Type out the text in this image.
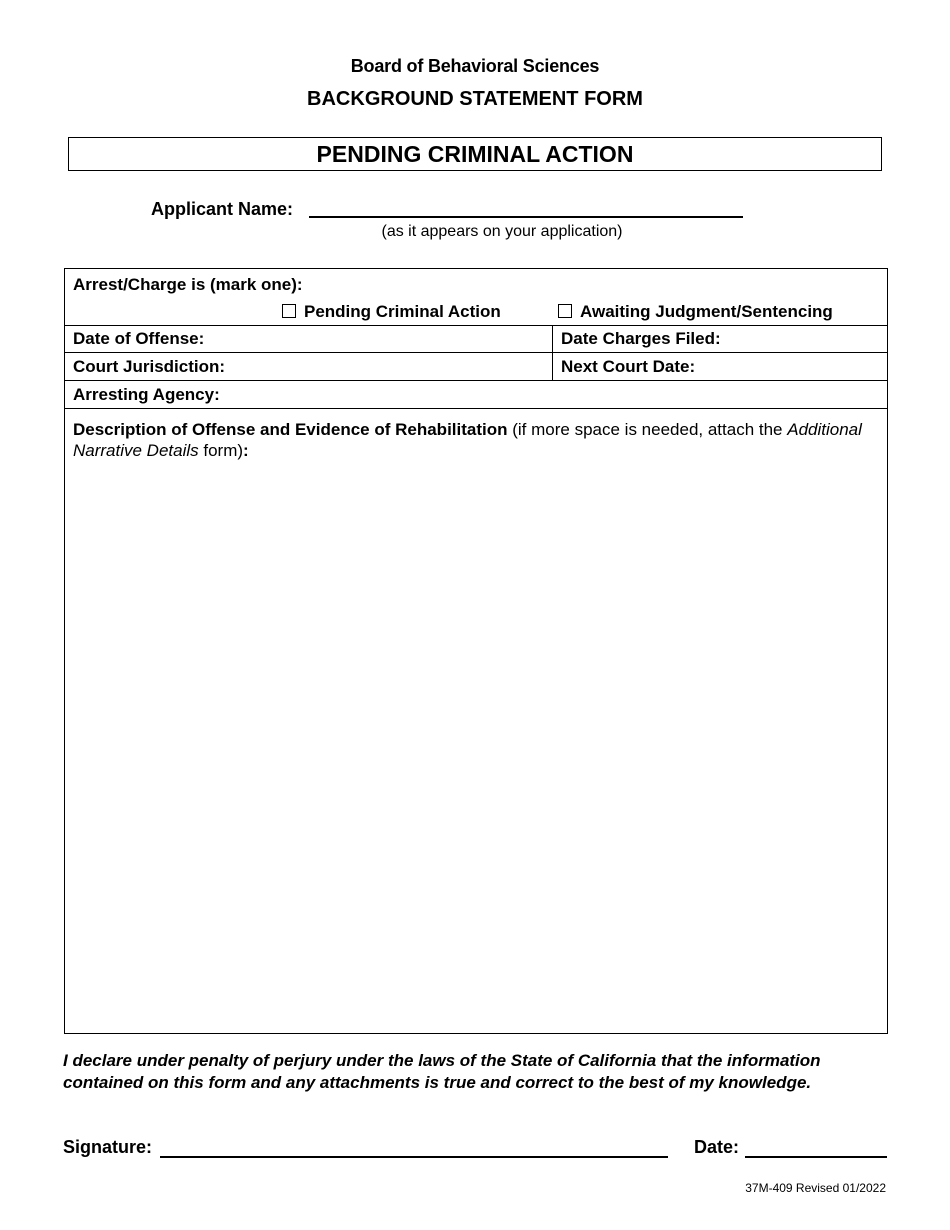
Board of Behavioral Sciences
BACKGROUND STATEMENT FORM
PENDING CRIMINAL ACTION
Applicant Name:
(as it appears on your application)
Arrest/Charge is (mark one):
Pending Criminal Action	Awaiting Judgment/Sentencing
Date of Offense:	Date Charges Filed:
Court Jurisdiction:	Next Court Date:
Arresting Agency:
Description of Offense and Evidence of Rehabilitation (if more space is needed, attach the Additional Narrative Details form):
I declare under penalty of perjury under the laws of the State of California that the information contained on this form and any attachments is true and correct to the best of my knowledge.
Signature:	Date:
37M-409 Revised 01/2022
